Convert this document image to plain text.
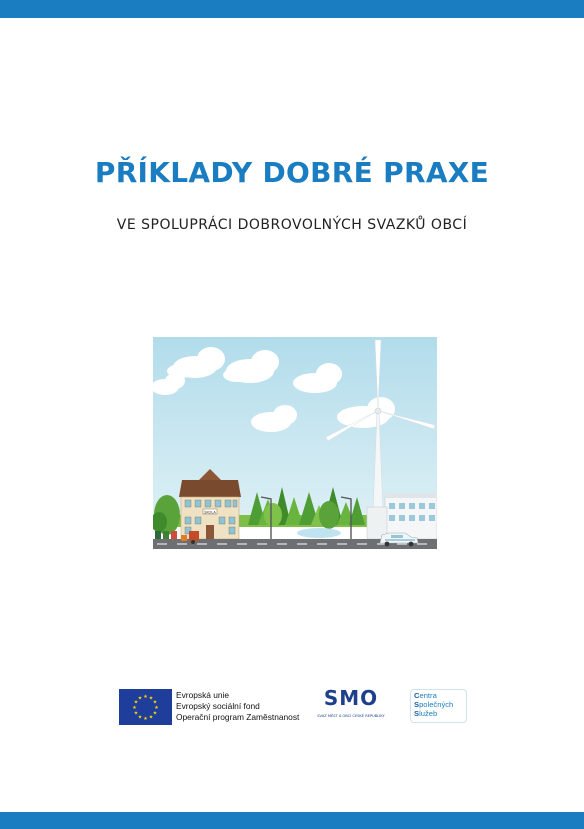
PŘÍKLADY DOBRÉ PRAXE
VE SPOLUPRÁCI DOBROVOLNÝCH SVAZKŮ OBCÍ
ŠKOLA
★ ★
★
★
★
★
★
★
★
★
★
★	Evropská unie
Evropský sociální fond
Operační program Zaměstnanost
SMO
SVAZ MĚST A OBCÍ ČESKÉ REPUBLIKY
Centra
Společných
Služeb
